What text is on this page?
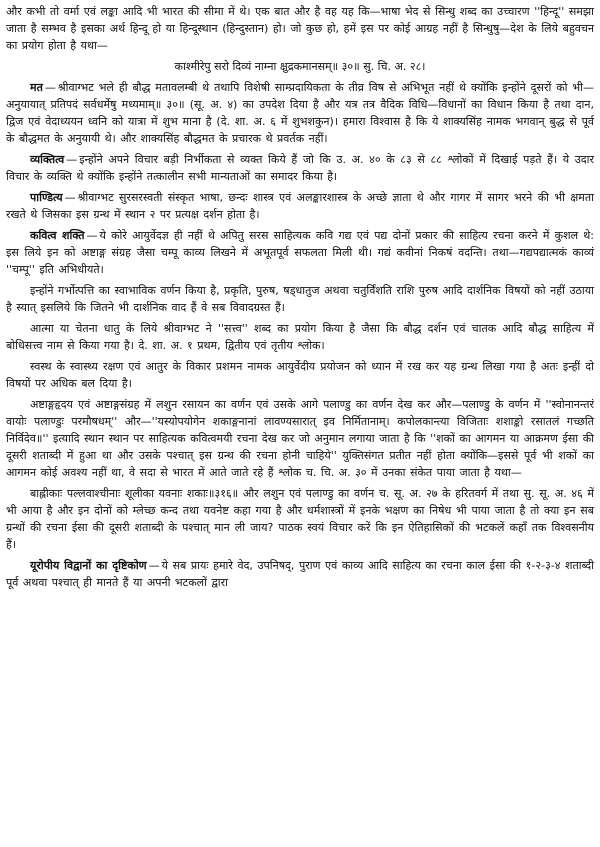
और कभी तो वर्मा एवं लङ्का आदि भी भारत की सीमा में थे। एक बात और है वह यह कि—भाषा भेद से सिन्धु शब्द का उच्चारण ''हिन्दू'' समझा जाता है सम्भव है इसका अर्थ हिन्दू हो या हिन्दूस्थान (हिन्दुस्तान) हो। जो कुछ हो, हमें इस पर कोई आग्रह नहीं है सिन्धुषु—देश के लिये बहुवचन का प्रयोग होता है यथा—

काश्मीरेपु सरो दिव्यं नाम्ना क्षुद्रकमानसम्॥ ३०॥ सु. चि. अ. २८।

मत — श्रीवाग्भट भले ही बौद्ध मतावलम्बी थे तथापि विशेषी साम्प्रदायिकता के तीव्र विष से अभिभूत नहीं थे क्योंकि इन्होंने दूसरों को भी—अनुयायात् प्रतिपदं सर्वधर्मेषु मध्यमाम्॥ ३०॥ (सू. अ. ४) का उपदेश दिया है और यत्र तत्र वैदिक विधि—विधानों का विधान किया है तथा दान, द्विज एवं वेदाध्ययन ध्वनि को यात्रा में शुभ माना है (दे. शा. अ. ६ में शुभशकुन)। हमारा विश्वास है कि ये शाक्यसिंह नामक भगवान् बुद्ध से पूर्व के बौद्धमत के अनुयायी थे। और शाक्यसिंह बौद्धमत के प्रचारक थे प्रवर्तक नहीं।

व्यक्तित्व — इन्होंने अपने विचार बड़ी निर्भीकता से व्यक्त किये हैं जो कि उ. अ. ४० के ८३ से ८८ श्लोकों में दिखाई पड़ते हैं। ये उदार विचार के व्यक्ति थे क्योंकि इन्होंने तत्कालीन सभी मान्यताओं का समादर किया है।

पाण्डित्य — श्रीवाग्भट सुरसरस्वती संस्कृत भाषा, छन्दः शास्त्र एवं अलङ्कारशास्त्र के अच्छे ज्ञाता थे और गागर में सागर भरने की भी क्षमता रखते थे जिसका इस ग्रन्थ में स्थान २ पर प्रत्यक्ष दर्शन होता है।

कवित्व शक्ति — ये कोरे आयुर्वेदज्ञ ही नहीं थे अपितु सरस साहित्यक कवि गद्य एवं पद्य दोनों प्रकार की साहित्य रचना करने में कुशल थे: इस लिये इन को अष्टाङ्ग संग्रह जैसा चम्पू काव्य लिखने में अभूतपूर्व सफलता मिली थी। गद्यं कवीनां निकषं वदन्ति। तथा—गद्यपद्यात्मकं काव्यं ''चम्पू'' इति अभिधीयते।

इन्होंने गर्भोत्पत्ति का स्वाभाविक वर्णन किया है, प्रकृति, पुरुष, षड्धातुज अथवा चतुर्विंशति राशि पुरुष आदि दार्शनिक विषयों को नहीं उठाया है स्यात् इसलिये कि जितने भी दार्शनिक वाद हैं वे सब विवादग्रस्त हैं।

आत्मा या चेतना धातु के लिये श्रीवाग्भट ने ''सत्त्व'' शब्द का प्रयोग किया है जैसा कि बौद्ध दर्शन एवं चातक आदि बौद्ध साहित्य में बोधिसत्त्व नाम से किया गया है। दे. शा. अ. १ प्रथम, द्वितीय एवं तृतीय श्लोक।

स्वस्थ के स्वास्थ्य रक्षण एवं आतुर के विकार प्रशमन नामक आयुर्वेदीय प्रयोजन को ध्यान में रख कर यह ग्रन्थ लिखा गया है अतः इन्हीं दो विषयों पर अधिक बल दिया है।

अष्टाङ्गहृदय एवं अष्टाङ्गसंग्रह में लशुन रसायन का वर्णन एवं उसके आगे पलाण्डु का वर्णन देख कर और—पलाण्डु के वर्णन में ''स्वोनानन्तरं वायोः पलाण्डुः परमौषधम्'' और—''यस्योपयोगेन शकाङ्गनानां लावण्यसारात् इव निर्मितानाम्। कपोलकान्त्या विजिताः शशाङ्को रसातलं गच्छति निर्विदेव॥'' इत्यादि स्थान स्थान पर साहित्यक कवित्वमयी रचना देख कर जो अनुमान लगाया जाता है कि ''शकों का आगमन या आक्रमण ईसा की दूसरी शताब्दी में हुआ था और उसके पश्चात् इस ग्रन्थ की रचना होनी चाहिये'' युक्तिसंगत प्रतीत नहीं होता क्योंकि—इससे पूर्व भी शकों का आगमन कोई अवश्य नहीं था, वे सदा से भारत में आते जाते रहे हैं श्लोक च. चि. अ. ३० में उनका संकेत पाया जाता है यथा—

बाह्लीकाः पल्लवाश्चीनाः शूलीका यवनाः शकाः॥३१६॥ और लशुन एवं पलाण्डु का वर्णन च. सू. अ. २७ के हरितवर्ग में तथा सु. सू. अ. ४६ में भी आया है और इन दोनों को म्लेच्छ कन्द तथा यवनेष्ट कहा गया है और धर्मशास्त्रों में इनके भक्षण का निषेध भी पाया जाता है तो क्या इन सब ग्रन्थों की रचना ईसा की दूसरी शताब्दी के पश्चात् मान ली जाय? पाठक स्वयं विचार करें कि इन ऐतिहासिकों की भटकलें कहाँ तक विश्वसनीय हैं।

यूरोपीय विद्वानों का दृष्टिकोण — ये सब प्रायः हमारे वेद, उपनिषद्, पुराण एवं काव्य आदि साहित्य का रचना काल ईसा की १-२-३-४ शताब्दी पूर्व अथवा पश्चात् ही मानते हैं या अपनी भटकलों द्वारा
